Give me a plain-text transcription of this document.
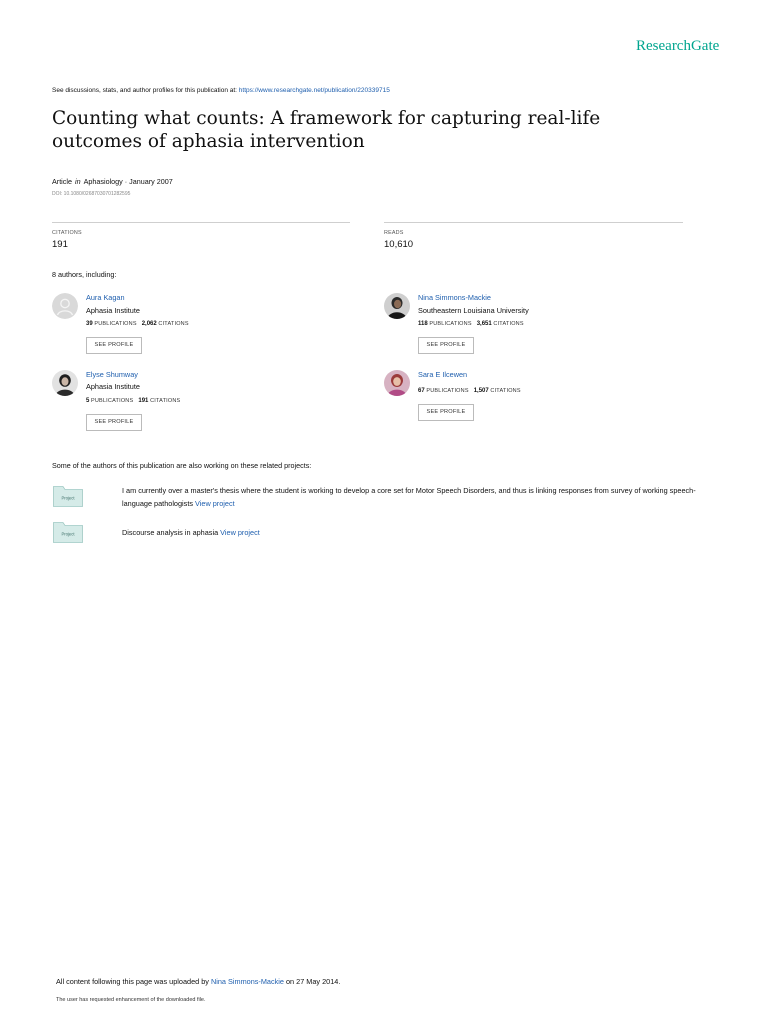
ResearchGate
See discussions, stats, and author profiles for this publication at: https://www.researchgate.net/publication/220339715
Counting what counts: A framework for capturing real-life outcomes of aphasia intervention
Article in Aphasiology · January 2007
DOI: 10.1080/02687030701282595
CITATIONS
191
READS
10,610
8 authors, including:
Aura Kagan
Aphasia Institute
39 PUBLICATIONS 2,062 CITATIONS
SEE PROFILE
Nina Simmons-Mackie
Southeastern Louisiana University
118 PUBLICATIONS 3,651 CITATIONS
SEE PROFILE
Elyse Shumway
Aphasia Institute
5 PUBLICATIONS 191 CITATIONS
SEE PROFILE
Sara E Ilcewen
67 PUBLICATIONS 1,507 CITATIONS
SEE PROFILE
Some of the authors of this publication are also working on these related projects:
Project
I am currently over a master's thesis where the student is working to develop a core set for Motor Speech Disorders, and thus is linking responses from survey of working speech-language pathologists View project
Project	Discourse analysis in aphasia View project
All content following this page was uploaded by Nina Simmons-Mackie on 27 May 2014.
The user has requested enhancement of the downloaded file.
